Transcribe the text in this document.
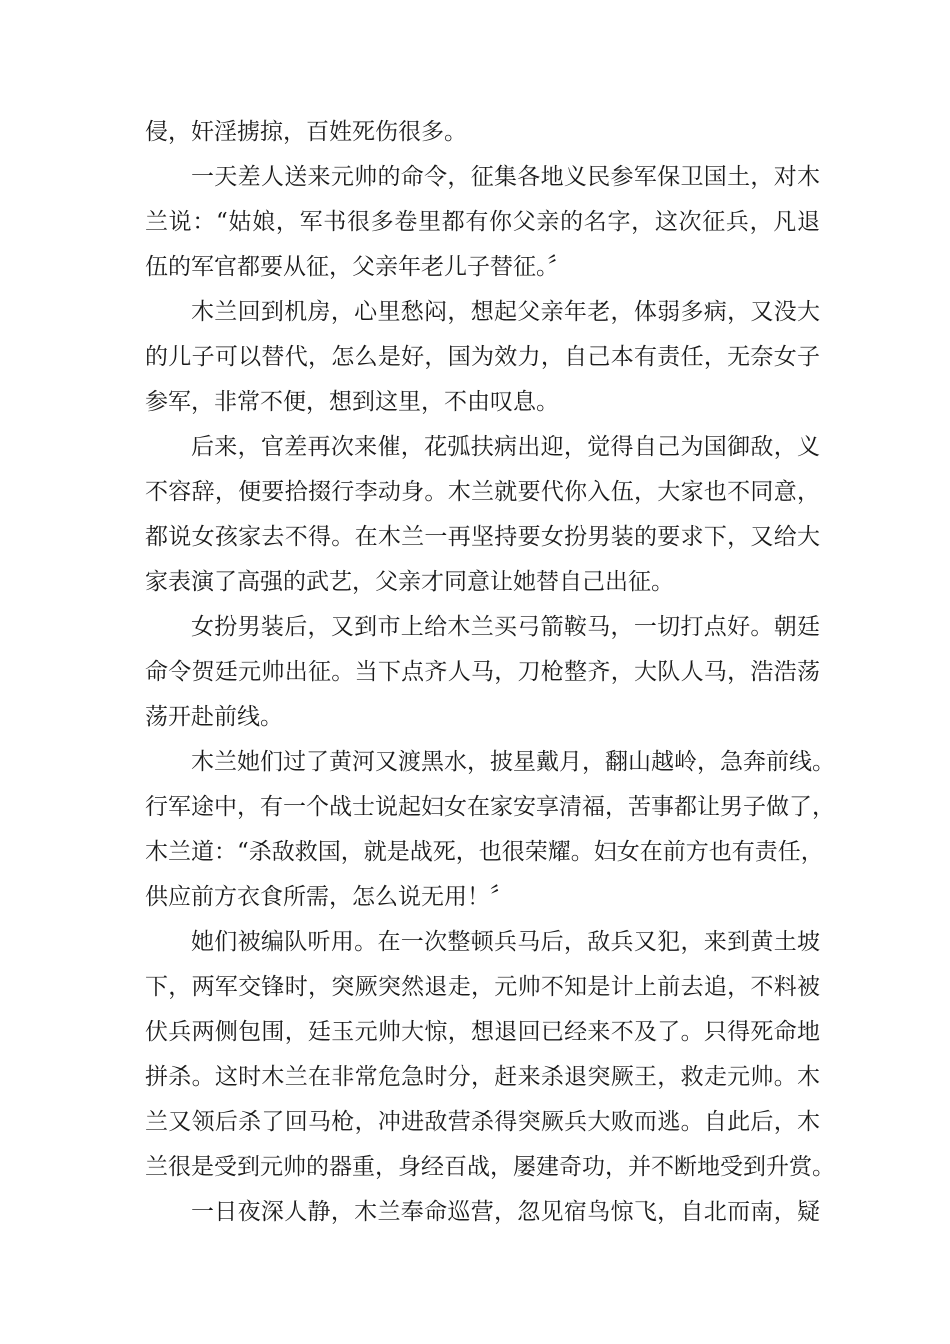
侵，奸淫掳掠，百姓死伤很多。
一天差人送来元帅的命令，征集各地义民参军保卫国土，对木
兰说：“姑娘，军书很多卷里都有你父亲的名字，这次征兵，凡退
伍的军官都要从征，父亲年老儿子替征。〞
木兰回到机房，心里愁闷，想起父亲年老，体弱多病，又没大
的儿子可以替代，怎么是好，国为效力，自己本有责任，无奈女子
参军，非常不便，想到这里，不由叹息。
后来，官差再次来催，花弧扶病出迎，觉得自己为国御敌，义
不容辞，便要拾掇行李动身。木兰就要代你入伍，大家也不同意，
都说女孩家去不得。在木兰一再坚持要女扮男装的要求下，又给大
家表演了高强的武艺，父亲才同意让她替自己出征。
女扮男装后，又到市上给木兰买弓箭鞍马，一切打点好。朝廷
命令贺廷元帅出征。当下点齐人马，刀枪整齐，大队人马，浩浩荡
荡开赴前线。
木兰她们过了黄河又渡黑水，披星戴月，翻山越岭，急奔前线。
行军途中，有一个战士说起妇女在家安享清福，苦事都让男子做了，
木兰道：“杀敌救国，就是战死，也很荣耀。妇女在前方也有责任，
供应前方衣食所需，怎么说无用！〞
她们被编队听用。在一次整顿兵马后，敌兵又犯，来到黄土坡
下，两军交锋时，突厥突然退走，元帅不知是计上前去追，不料被
伏兵两侧包围，廷玉元帅大惊，想退回已经来不及了。只得死命地
拼杀。这时木兰在非常危急时分，赶来杀退突厥王，救走元帅。木
兰又领后杀了回马枪，冲进敌营杀得突厥兵大败而逃。自此后，木
兰很是受到元帅的器重，身经百战，屡建奇功，并不断地受到升赏。
一日夜深人静，木兰奉命巡营，忽见宿鸟惊飞，自北而南，疑
